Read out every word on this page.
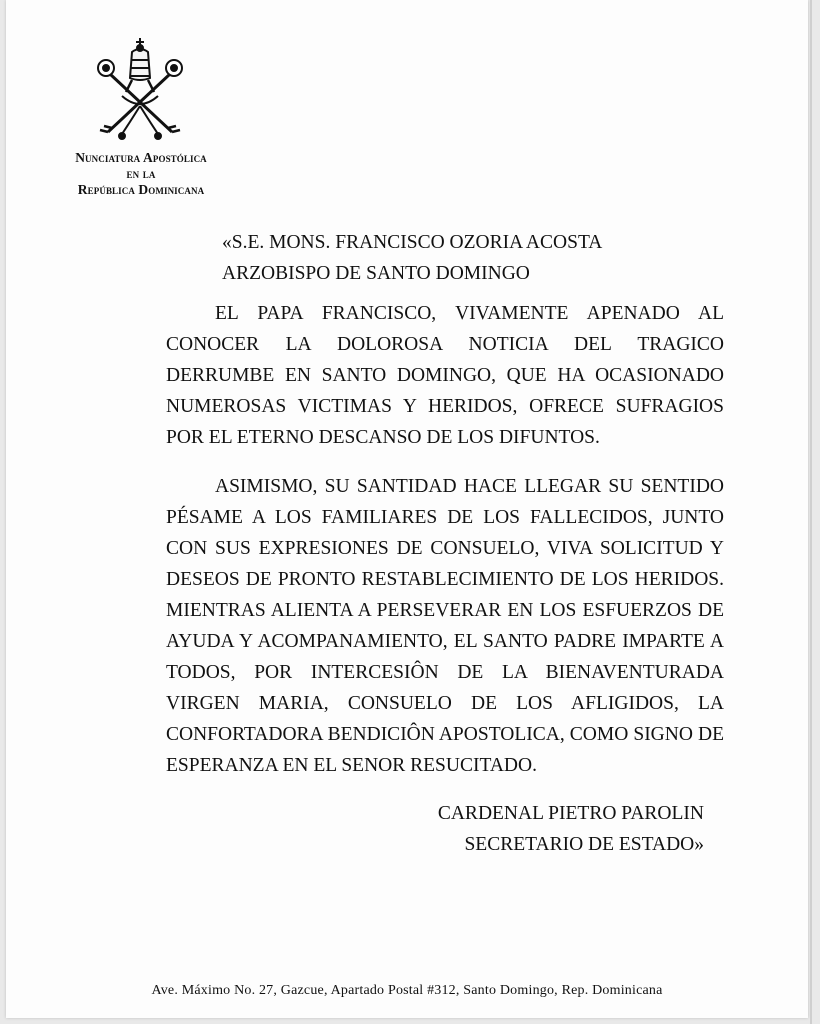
Nunciatura Apostólica
en la
República Dominicana
«S.E. MONS. FRANCISCO OZORIA ACOSTA
ARZOBISPO DE SANTO DOMINGO
EL PAPA FRANCISCO, VIVAMENTE APENADO AL CONOCER LA DOLOROSA NOTICIA DEL TRAGICO DERRUMBE EN SANTO DOMINGO, QUE HA OCASIONADO NUMEROSAS VICTIMAS Y HERIDOS, OFRECE SUFRAGIOS POR EL ETERNO DESCANSO DE LOS DIFUNTOS.
ASIMISMO, SU SANTIDAD HACE LLEGAR SU SENTIDO PÉSAME A LOS FAMILIARES DE LOS FALLECIDOS, JUNTO CON SUS EXPRESIONES DE CONSUELO, VIVA SOLICITUD Y DESEOS DE PRONTO RESTABLECIMIENTO DE LOS HERIDOS. MIENTRAS ALIENTA A PERSEVERAR EN LOS ESFUERZOS DE AYUDA Y ACOMPANAMIENTO, EL SANTO PADRE IMPARTE A TODOS, POR INTERCESIÔN DE LA BIENAVENTURADA VIRGEN MARIA, CONSUELO DE LOS AFLIGIDOS, LA CONFORTADORA BENDICIÔN APOSTOLICA, COMO SIGNO DE ESPERANZA EN EL SENOR RESUCITADO.
CARDENAL PIETRO PAROLIN
SECRETARIO DE ESTADO»
Ave. Máximo No. 27, Gazcue, Apartado Postal #312, Santo Domingo, Rep. Dominicana
